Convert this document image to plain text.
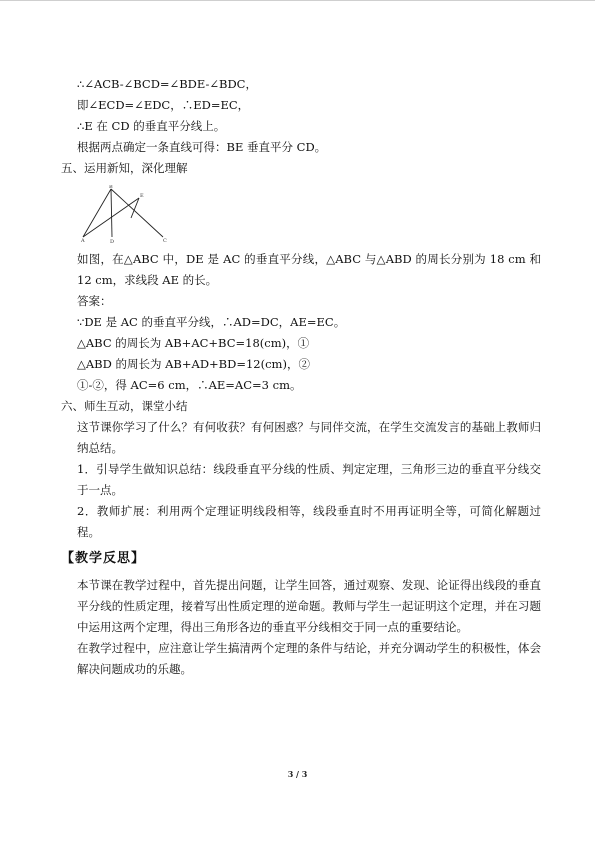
∴∠ACB-∠BCD=∠BDE-∠BDC，

即∠ECD=∠EDC，∴ED=EC，

∴E 在 CD 的垂直平分线上。

根据两点确定一条直线可得：BE 垂直平分 CD。

五、运用新知，深化理解

A
B
C
D
E

如图，在△ABC 中，DE 是 AC 的垂直平分线，△ABC 与△ABD 的周长分别为 18 cm 和 12 cm，求线段 AE 的长。

答案：

∵DE 是 AC 的垂直平分线，∴AD=DC，AE=EC。

△ABC 的周长为 AB+AC+BC=18(cm)，①

△ABD 的周长为 AB+AD+BD=12(cm)，②

①-②，得 AC=6 cm，∴AE=AC=3 cm。

六、师生互动，课堂小结

这节课你学习了什么？有何收获？有何困惑？与同伴交流，在学生交流发言的基础上教师归纳总结。

1．引导学生做知识总结：线段垂直平分线的性质、判定定理，三角形三边的垂直平分线交于一点。

2．教师扩展：利用两个定理证明线段相等，线段垂直时不用再证明全等，可简化解题过程。

【教学反思】

本节课在教学过程中，首先提出问题，让学生回答，通过观察、发现、论证得出线段的垂直平分线的性质定理，接着写出性质定理的逆命题。教师与学生一起证明这个定理，并在习题中运用这两个定理，得出三角形各边的垂直平分线相交于同一点的重要结论。

在教学过程中，应注意让学生搞清两个定理的条件与结论，并充分调动学生的积极性，体会解决问题成功的乐趣。

3 / 3
